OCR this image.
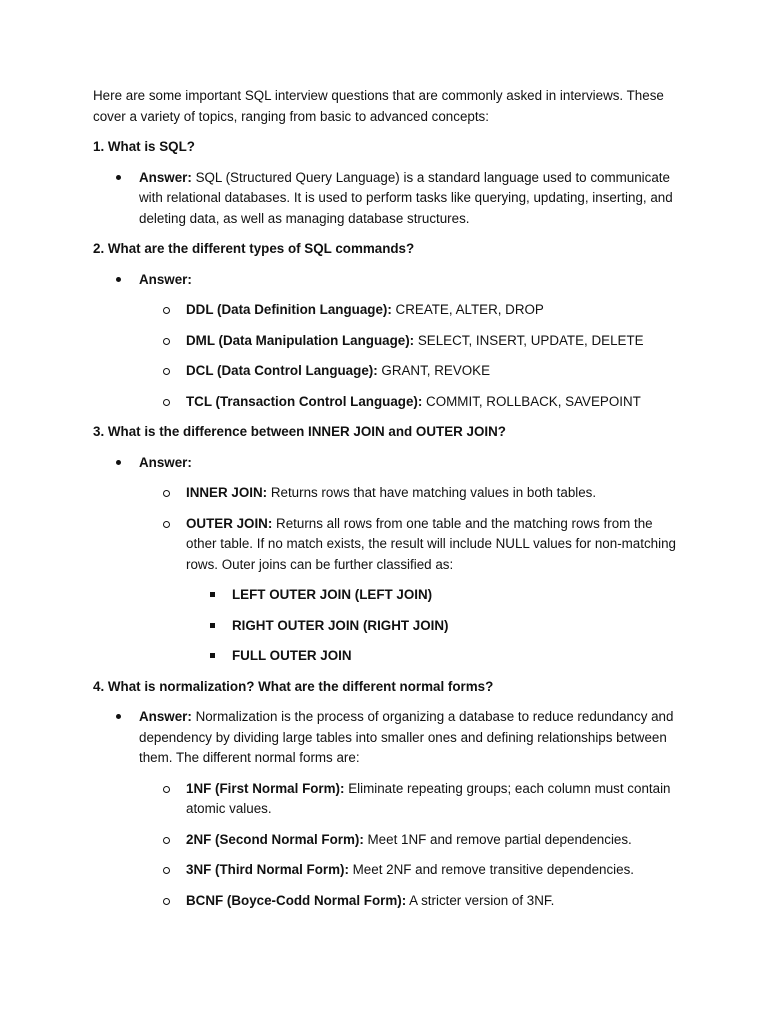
Here are some important SQL interview questions that are commonly asked in interviews. These cover a variety of topics, ranging from basic to advanced concepts:

1. What is SQL?

Answer: SQL (Structured Query Language) is a standard language used to communicate with relational databases. It is used to perform tasks like querying, updating, inserting, and deleting data, as well as managing database structures.

2. What are the different types of SQL commands?

Answer:
DDL (Data Definition Language): CREATE, ALTER, DROP
DML (Data Manipulation Language): SELECT, INSERT, UPDATE, DELETE
DCL (Data Control Language): GRANT, REVOKE
TCL (Transaction Control Language): COMMIT, ROLLBACK, SAVEPOINT

3. What is the difference between INNER JOIN and OUTER JOIN?

Answer:
INNER JOIN: Returns rows that have matching values in both tables.
OUTER JOIN: Returns all rows from one table and the matching rows from the other table. If no match exists, the result will include NULL values for non-matching rows. Outer joins can be further classified as:
LEFT OUTER JOIN (LEFT JOIN)
RIGHT OUTER JOIN (RIGHT JOIN)
FULL OUTER JOIN

4. What is normalization? What are the different normal forms?

Answer: Normalization is the process of organizing a database to reduce redundancy and dependency by dividing large tables into smaller ones and defining relationships between them. The different normal forms are:
1NF (First Normal Form): Eliminate repeating groups; each column must contain atomic values.
2NF (Second Normal Form): Meet 1NF and remove partial dependencies.
3NF (Third Normal Form): Meet 2NF and remove transitive dependencies.
BCNF (Boyce-Codd Normal Form): A stricter version of 3NF.
